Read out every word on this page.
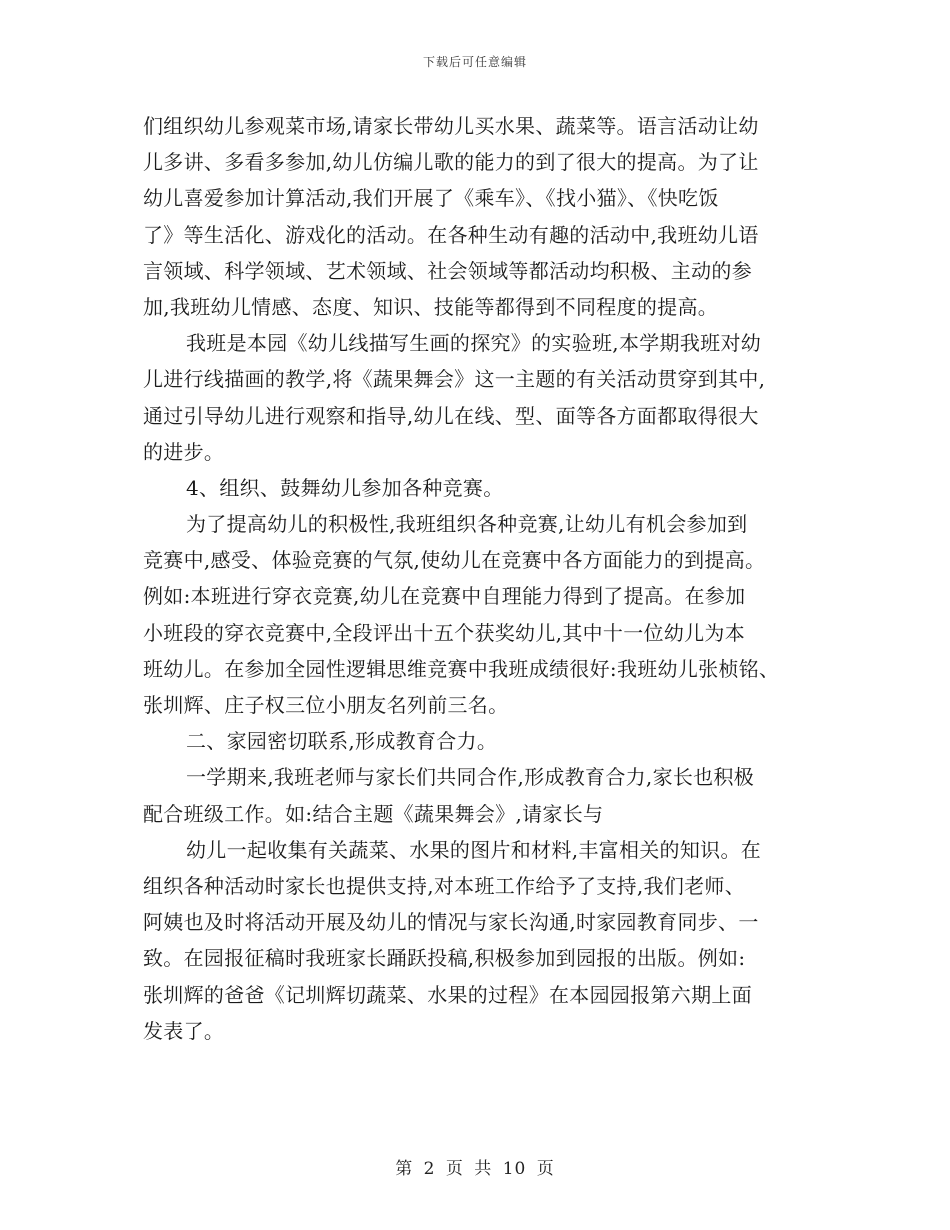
下载后可任意编辑
们组织幼儿参观菜市场,请家长带幼儿买水果、蔬菜等。语言活动让幼
儿多讲、多看多参加,幼儿仿编儿歌的能力的到了很大的提高。为了让
幼儿喜爱参加计算活动,我们开展了《乘车》、《找小猫》、《快吃饭
了》等生活化、游戏化的活动。在各种生动有趣的活动中,我班幼儿语
言领域、科学领域、艺术领域、社会领域等都活动均积极、主动的参
加,我班幼儿情感、态度、知识、技能等都得到不同程度的提高。
我班是本园《幼儿线描写生画的探究》的实验班,本学期我班对幼
儿进行线描画的教学,将《蔬果舞会》这一主题的有关活动贯穿到其中,
通过引导幼儿进行观察和指导,幼儿在线、型、面等各方面都取得很大
的进步。
4、组织、鼓舞幼儿参加各种竞赛。
为了提高幼儿的积极性,我班组织各种竞赛,让幼儿有机会参加到
竞赛中,感受、体验竞赛的气氛,使幼儿在竞赛中各方面能力的到提高。
例如:本班进行穿衣竞赛,幼儿在竞赛中自理能力得到了提高。在参加
小班段的穿衣竞赛中,全段评出十五个获奖幼儿,其中十一位幼儿为本
班幼儿。在参加全园性逻辑思维竞赛中我班成绩很好:我班幼儿张桢铭、
张圳辉、庄子权三位小朋友名列前三名。
二、家园密切联系,形成教育合力。
一学期来,我班老师与家长们共同合作,形成教育合力,家长也积极
配合班级工作。如:结合主题《蔬果舞会》,请家长与
幼儿一起收集有关蔬菜、水果的图片和材料,丰富相关的知识。在
组织各种活动时家长也提供支持,对本班工作给予了支持,我们老师、
阿姨也及时将活动开展及幼儿的情况与家长沟通,时家园教育同步、一
致。在园报征稿时我班家长踊跃投稿,积极参加到园报的出版。例如:
张圳辉的爸爸《记圳辉切蔬菜、水果的过程》在本园园报第六期上面
发表了。
第 2 页 共 10 页
